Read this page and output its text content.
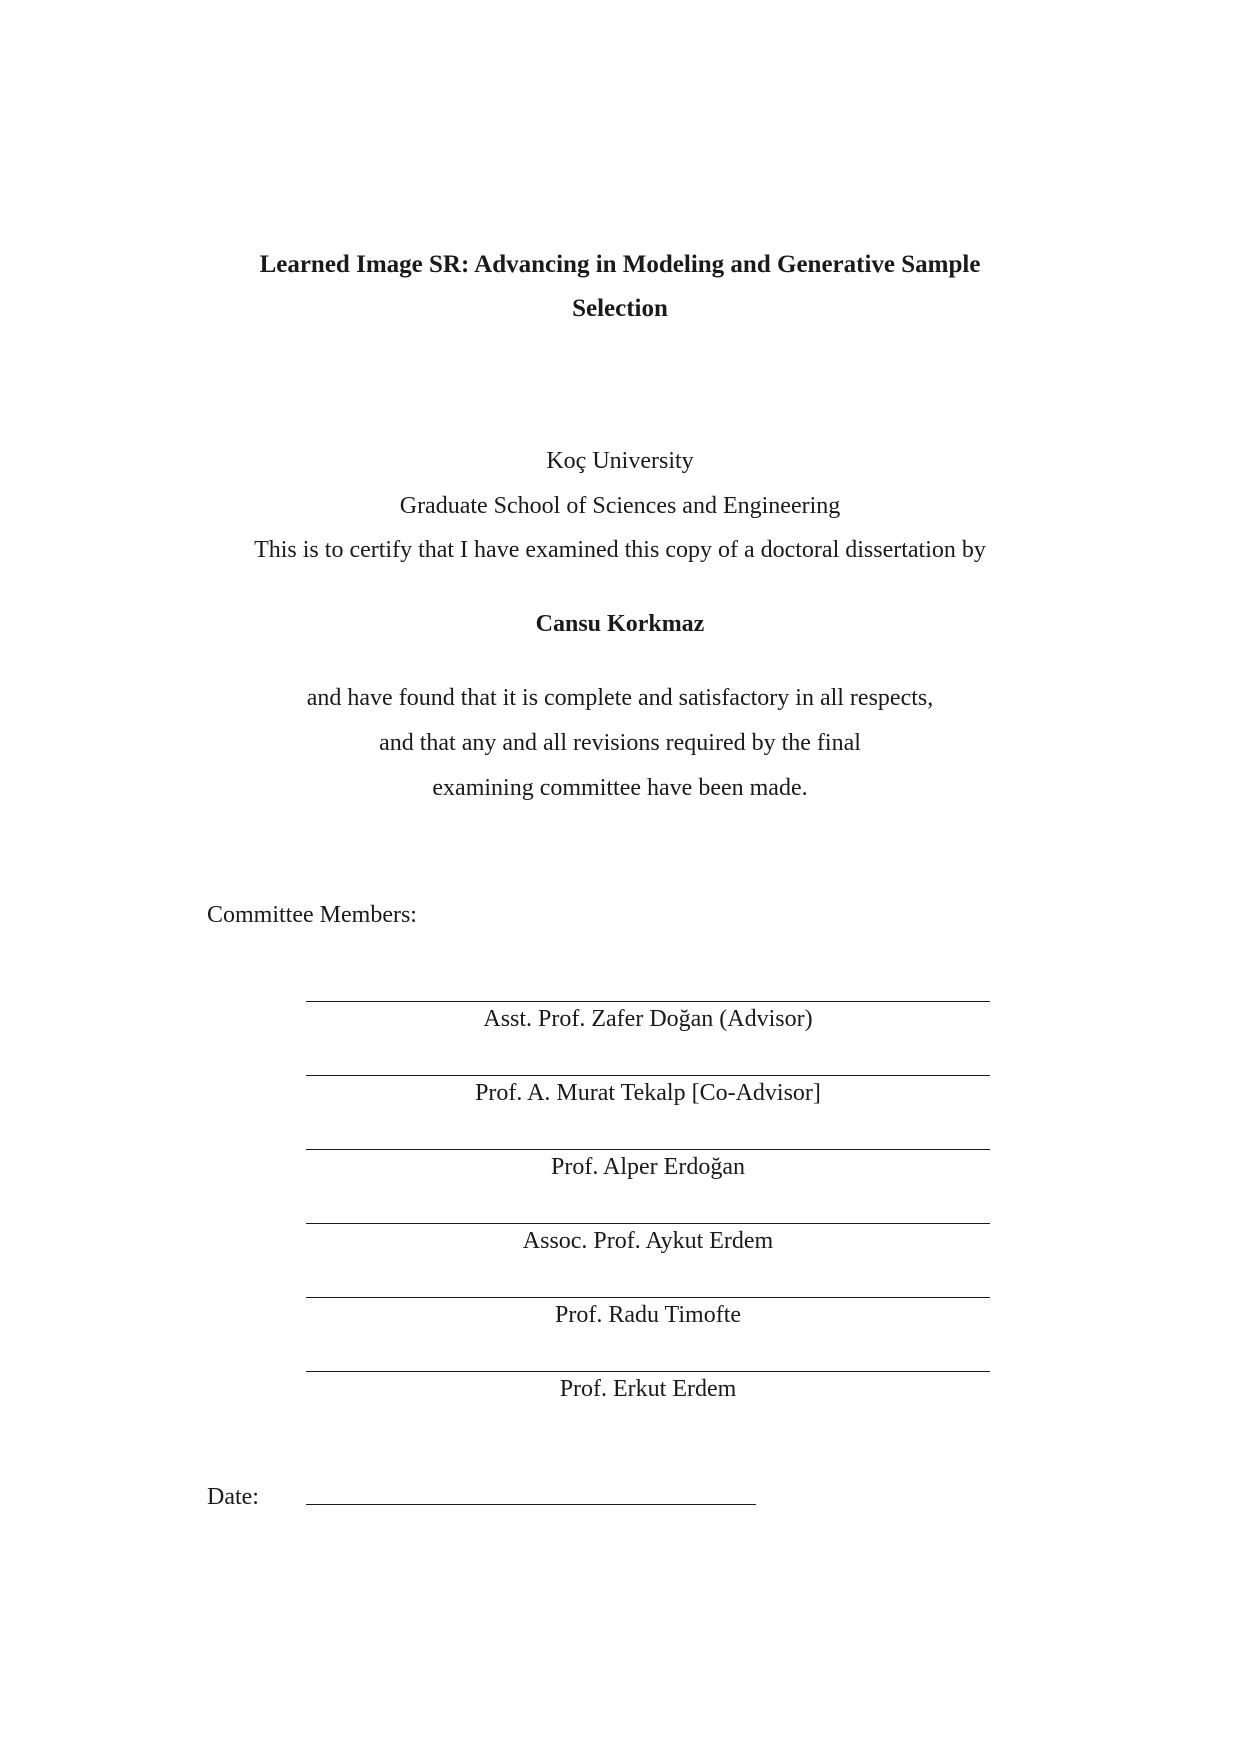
Learned Image SR: Advancing in Modeling and Generative Sample
Selection
Koç University
Graduate School of Sciences and Engineering
This is to certify that I have examined this copy of a doctoral dissertation by
Cansu Korkmaz
and have found that it is complete and satisfactory in all respects,
and that any and all revisions required by the final
examining committee have been made.
Committee Members:
Asst. Prof. Zafer Doğan (Advisor)
Prof. A. Murat Tekalp [Co-Advisor]
Prof. Alper Erdoğan
Assoc. Prof. Aykut Erdem
Prof. Radu Timofte
Prof. Erkut Erdem
Date:
